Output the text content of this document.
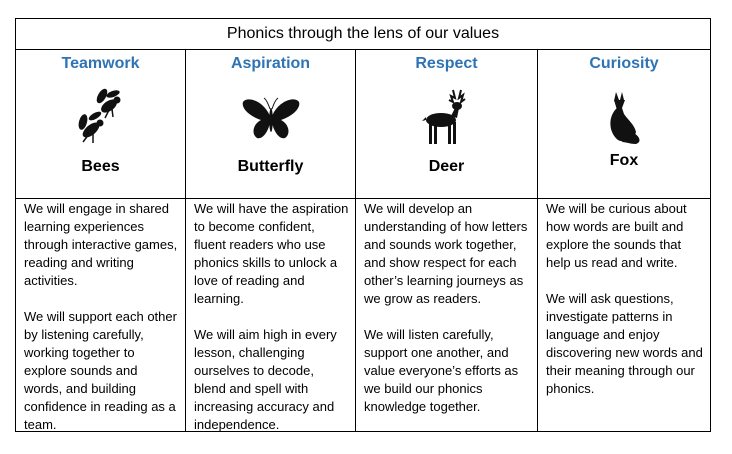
Phonics through the lens of our values
Teamwork
Bees

We will engage in shared learning experiences through interactive games, reading and writing activities.

We will support each other by listening carefully, working together to explore sounds and words, and building confidence in reading as a team.

Aspiration
Butterfly

We will have the aspiration to become confident, fluent readers who use phonics skills to unlock a love of reading and learning.

We will aim high in every lesson, challenging ourselves to decode, blend and spell with increasing accuracy and independence.

Respect
Deer

We will develop an understanding of how letters and sounds work together, and show respect for each other’s learning journeys as we grow as readers.

We will listen carefully, support one another, and value everyone’s efforts as we build our phonics knowledge together.

Curiosity
Fox

We will be curious about how words are built and explore the sounds that help us read and write.

We will ask questions, investigate patterns in language and enjoy discovering new words and their meaning through our phonics.
